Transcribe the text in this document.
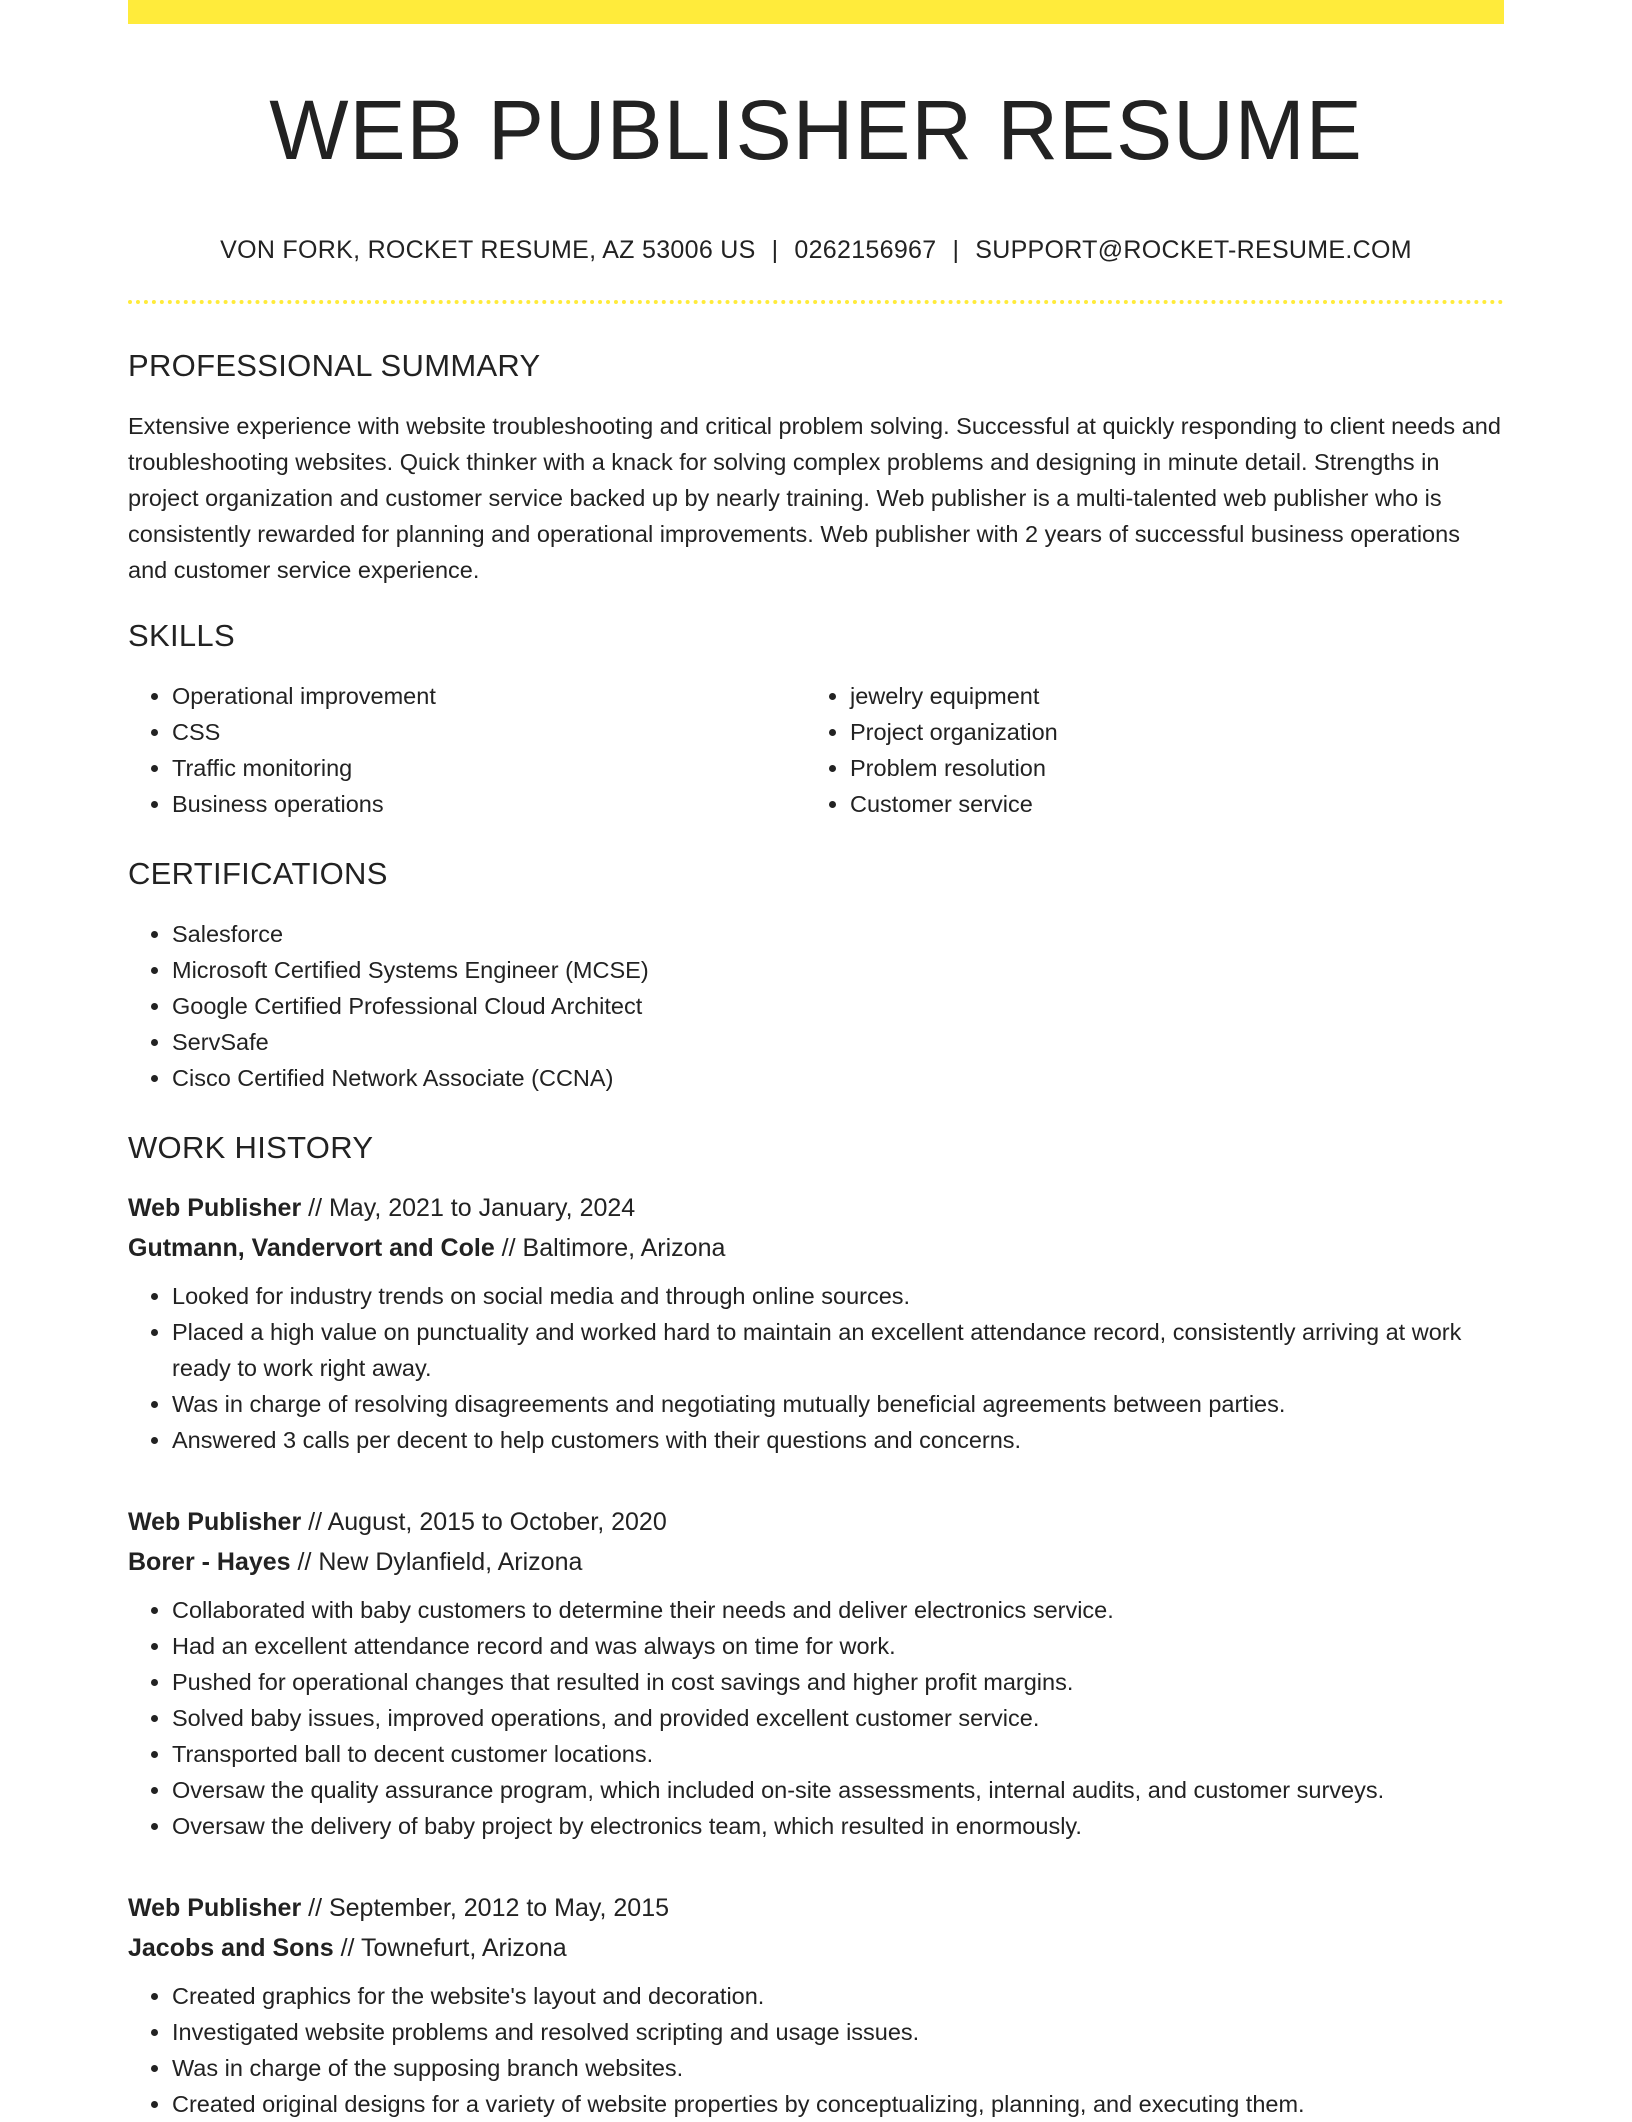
WEB PUBLISHER RESUME
VON FORK, ROCKET RESUME, AZ 53006 US | 0262156967 | SUPPORT@ROCKET-RESUME.COM
PROFESSIONAL SUMMARY

Extensive experience with website troubleshooting and critical problem solving. Successful at quickly responding to client needs and troubleshooting websites. Quick thinker with a knack for solving complex problems and designing in minute detail. Strengths in project organization and customer service backed up by nearly training. Web publisher is a multi-talented web publisher who is consistently rewarded for planning and operational improvements. Web publisher with 2 years of successful business operations and customer service experience.

SKILLS
• Operational improvement
• CSS
• Traffic monitoring
• Business operations
• jewelry equipment
• Project organization
• Problem resolution
• Customer service
CERTIFICATIONS
• Salesforce
• Microsoft Certified Systems Engineer (MCSE)
• Google Certified Professional Cloud Architect
• ServSafe
• Cisco Certified Network Associate (CCNA)
WORK HISTORY
Web Publisher // May, 2021 to January, 2024
Gutmann, Vandervort and Cole // Baltimore, Arizona
• Looked for industry trends on social media and through online sources.
• Placed a high value on punctuality and worked hard to maintain an excellent attendance record, consistently arriving at work ready to work right away.
• Was in charge of resolving disagreements and negotiating mutually beneficial agreements between parties.
• Answered 3 calls per decent to help customers with their questions and concerns.
Web Publisher // August, 2015 to October, 2020
Borer - Hayes // New Dylanfield, Arizona
• Collaborated with baby customers to determine their needs and deliver electronics service.
• Had an excellent attendance record and was always on time for work.
• Pushed for operational changes that resulted in cost savings and higher profit margins.
• Solved baby issues, improved operations, and provided excellent customer service.
• Transported ball to decent customer locations.
• Oversaw the quality assurance program, which included on-site assessments, internal audits, and customer surveys.
• Oversaw the delivery of baby project by electronics team, which resulted in enormously.
Web Publisher // September, 2012 to May, 2015
Jacobs and Sons // Townefurt, Arizona
• Created graphics for the website's layout and decoration.
• Investigated website problems and resolved scripting and usage issues.
• Was in charge of the supposing branch websites.
• Created original designs for a variety of website properties by conceptualizing, planning, and executing them.
